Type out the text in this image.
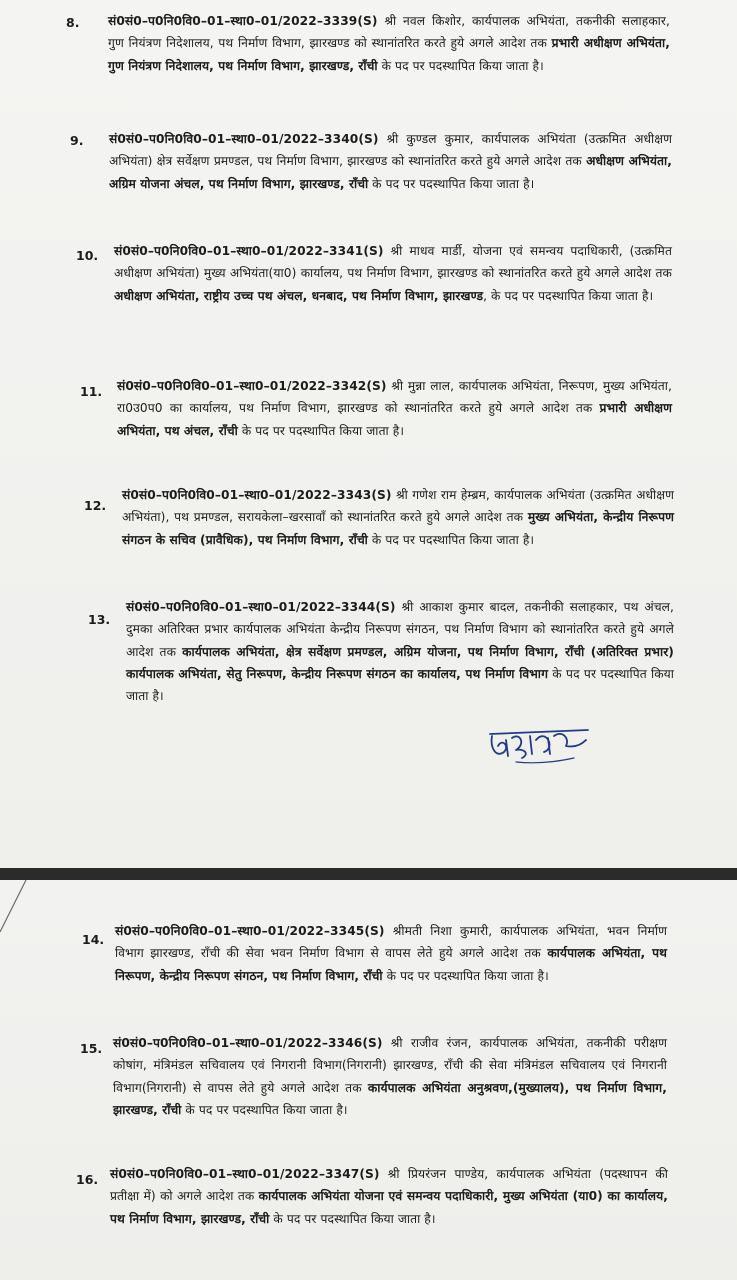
8. सं0सं0–प0नि0वि0–01–स्था0–01/2022–3339(S) श्री नवल किशोर, कार्यपालक अभियंता, तकनीकी सलाहकार, गुण नियंत्रण निदेशालय, पथ निर्माण विभाग, झारखण्ड को स्थानांतरित करते हुये अगले आदेश तक प्रभारी अधीक्षण अभियंता, गुण नियंत्रण निदेशालय, पथ निर्माण विभाग, झारखण्ड, राँची के पद पर पदस्थापित किया जाता है।
9. सं0सं0–प0नि0वि0–01–स्था0–01/2022–3340(S) श्री कुण्डल कुमार, कार्यपालक अभियंता (उत्क्रमित अधीक्षण अभियंता) क्षेत्र सर्वेक्षण प्रमण्डल, पथ निर्माण विभाग, झारखण्ड को स्थानांतरित करते हुये अगले आदेश तक अधीक्षण अभियंता, अग्रिम योजना अंचल, पथ निर्माण विभाग, झारखण्ड, राँची के पद पर पदस्थापित किया जाता है।
10. सं0सं0–प0नि0वि0–01–स्था0–01/2022–3341(S) श्री माधव मार्डी, योजना एवं समन्वय पदाधिकारी, (उत्क्रमित अधीक्षण अभियंता) मुख्य अभियंता(या0) कार्यालय, पथ निर्माण विभाग, झारखण्ड को स्थानांतरित करते हुये अगले आदेश तक अधीक्षण अभियंता, राष्ट्रीय उच्च पथ अंचल, धनबाद, पथ निर्माण विभाग, झारखण्ड, के पद पर पदस्थापित किया जाता है।
11. सं0सं0–प0नि0वि0–01–स्था0–01/2022–3342(S) श्री मुन्ना लाल, कार्यपालक अभियंता, निरूपण, मुख्य अभियंता, रा0उ0प0 का कार्यालय, पथ निर्माण विभाग, झारखण्ड को स्थानांतरित करते हुये अगले आदेश तक प्रभारी अधीक्षण अभियंता, पथ अंचल, राँची के पद पर पदस्थापित किया जाता है।
12.
सं0सं0–प0नि0वि0–01–स्था0–01/2022–3343(S) श्री गणेश राम हेम्ब्रम, कार्यपालक अभियंता (उत्क्रमित अधीक्षण अभियंता), पथ प्रमण्डल, सरायकेला–खरसावाँ को स्थानांतरित करते हुये अगले आदेश तक मुख्य अभियंता, केन्द्रीय निरूपण संगठन के सचिव (प्रावैधिक), पथ निर्माण विभाग, राँची के पद पर पदस्थापित किया जाता है।
13.
सं0सं0–प0नि0वि0–01–स्था0–01/2022–3344(S) श्री आकाश कुमार बादल, तकनीकी सलाहकार, पथ अंचल, दुमका अतिरिक्त प्रभार कार्यपालक अभियंता केन्द्रीय निरूपण संगठन, पथ निर्माण विभाग को स्थानांतरित करते हुये अगले आदेश तक कार्यपालक अभियंता, क्षेत्र सर्वेक्षण प्रमण्डल, अग्रिम योजना, पथ निर्माण विभाग, राँची (अतिरिक्त प्रभार) कार्यपालक अभियंता, सेतु निरूपण, केन्द्रीय निरूपण संगठन का कार्यालय, पथ निर्माण विभाग के पद पर पदस्थापित किया जाता है।
14.
सं0सं0–प0नि0वि0–01–स्था0–01/2022–3345(S) श्रीमती निशा कुमारी, कार्यपालक अभियंता, भवन निर्माण विभाग झारखण्ड, राँची की सेवा भवन निर्माण विभाग से वापस लेते हुये अगले आदेश तक कार्यपालक अभियंता, पथ निरूपण, केन्द्रीय निरूपण संगठन, पथ निर्माण विभाग, राँची के पद पर पदस्थापित किया जाता है।
15. सं0सं0–प0नि0वि0–01–स्था0–01/2022–3346(S) श्री राजीव रंजन, कार्यपालक अभियंता, तकनीकी परीक्षण कोषांग, मंत्रिमंडल सचिवालय एवं निगरानी विभाग(निगरानी) झारखण्ड, राँची की सेवा मंत्रिमंडल सचिवालय एवं निगरानी विभाग(निगरानी) से वापस लेते हुये अगले आदेश तक कार्यपालक अभियंता अनुश्रवण,(मुख्यालय), पथ निर्माण विभाग, झारखण्ड, राँची के पद पर पदस्थापित किया जाता है।
16. सं0सं0–प0नि0वि0–01–स्था0–01/2022–3347(S) श्री प्रियरंजन पाण्डेय, कार्यपालक अभियंता (पदस्थापन की प्रतीक्षा में) को अगले आदेश तक कार्यपालक अभियंता योजना एवं समन्वय पदाधिकारी, मुख्य अभियंता (या0) का कार्यालय, पथ निर्माण विभाग, झारखण्ड, राँची के पद पर पदस्थापित किया जाता है।
